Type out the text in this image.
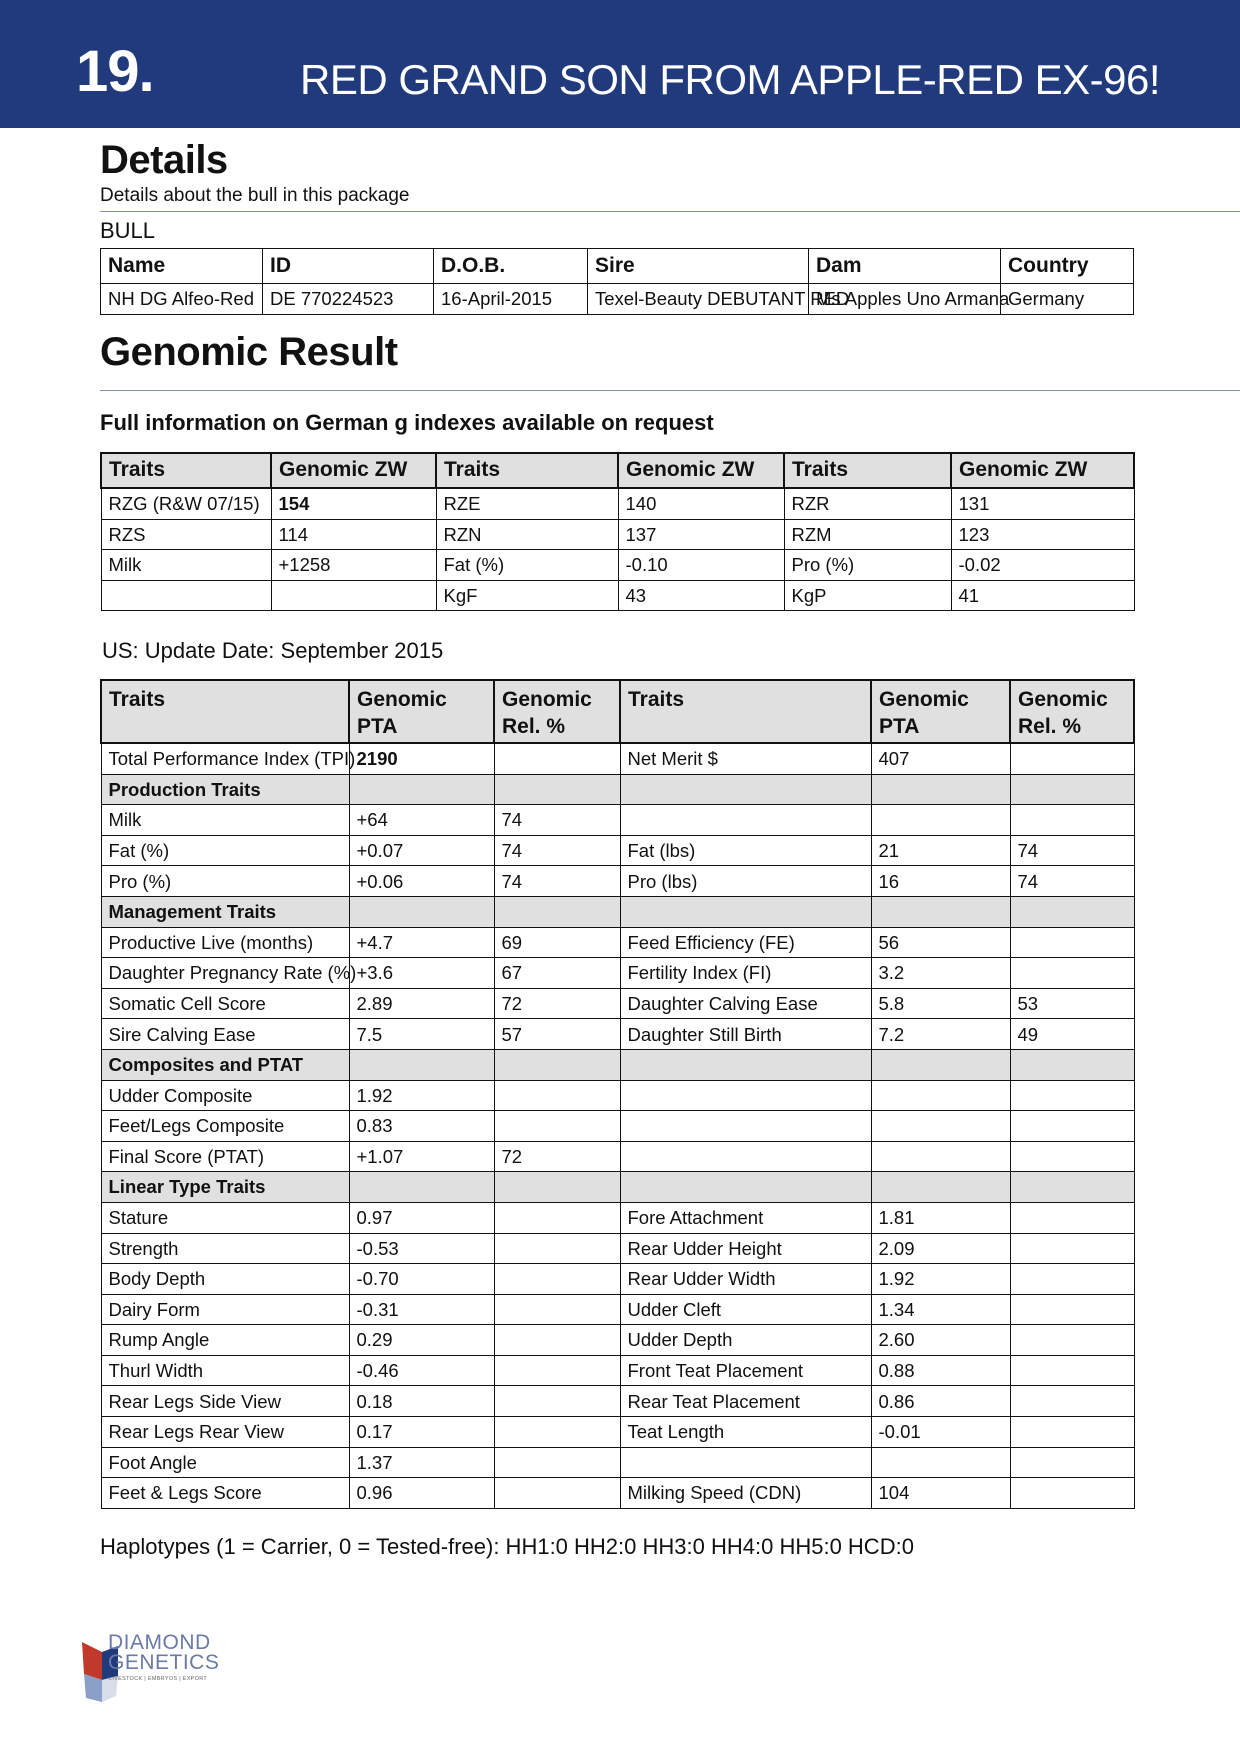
19.	RED GRAND SON FROM APPLE-RED EX-96!
Details
Details about the bull in this package
BULL
Name	ID	D.O.B.	Sire	Dam	Country
NH DG Alfeo-Red	DE 770224523	16-April-2015	Texel-Beauty DEBUTANT RED	Ms Apples Uno Armana	Germany
Genomic Result
Full information on German g indexes available on request
Traits	Genomic ZW	Traits	Genomic ZW	Traits	Genomic ZW
RZG (R&W 07/15)	154	RZE	140	RZR	131
RZS	114	RZN	137	RZM	123
Milk	+1258	Fat (%)	-0.10	Pro (%)	-0.02
		KgF	43	KgP	41
US: Update Date: September 2015
Traits	Genomic PTA	Genomic Rel. %	Traits	Genomic PTA	Genomic Rel. %
Total Performance Index (TPI)	2190		Net Merit $	407	
Production Traits					
Milk	+64	74			
Fat (%)	+0.07	74	Fat (lbs)	21	74
Pro (%)	+0.06	74	Pro (lbs)	16	74
Management Traits					
Productive Live (months)	+4.7	69	Feed Efficiency (FE)	56	
Daughter Pregnancy Rate (%)	+3.6	67	Fertility Index (FI)	3.2	
Somatic Cell Score	2.89	72	Daughter Calving Ease	5.8	53
Sire Calving Ease	7.5	57	Daughter Still Birth	7.2	49
Composites and PTAT					
Udder Composite	1.92				
Feet/Legs Composite	0.83				
Final Score (PTAT)	+1.07	72			
Linear Type Traits					
Stature	0.97		Fore Attachment	1.81	
Strength	-0.53		Rear Udder Height	2.09	
Body Depth	-0.70		Rear Udder Width	1.92	
Dairy Form	-0.31		Udder Cleft	1.34	
Rump Angle	0.29		Udder Depth	2.60	
Thurl Width	-0.46		Front Teat Placement	0.88	
Rear Legs Side View	0.18		Rear Teat Placement	0.86	
Rear Legs Rear View	0.17		Teat Length	-0.01	
Foot Angle	1.37				
Feet & Legs Score	0.96		Milking Speed (CDN)	104	
Haplotypes (1 = Carrier, 0 = Tested-free): HH1:0 HH2:0 HH3:0 HH4:0 HH5:0 HCD:0
DIAMOND
GENETICS
LIVESTOCK | EMBRYOS | EXPORT
